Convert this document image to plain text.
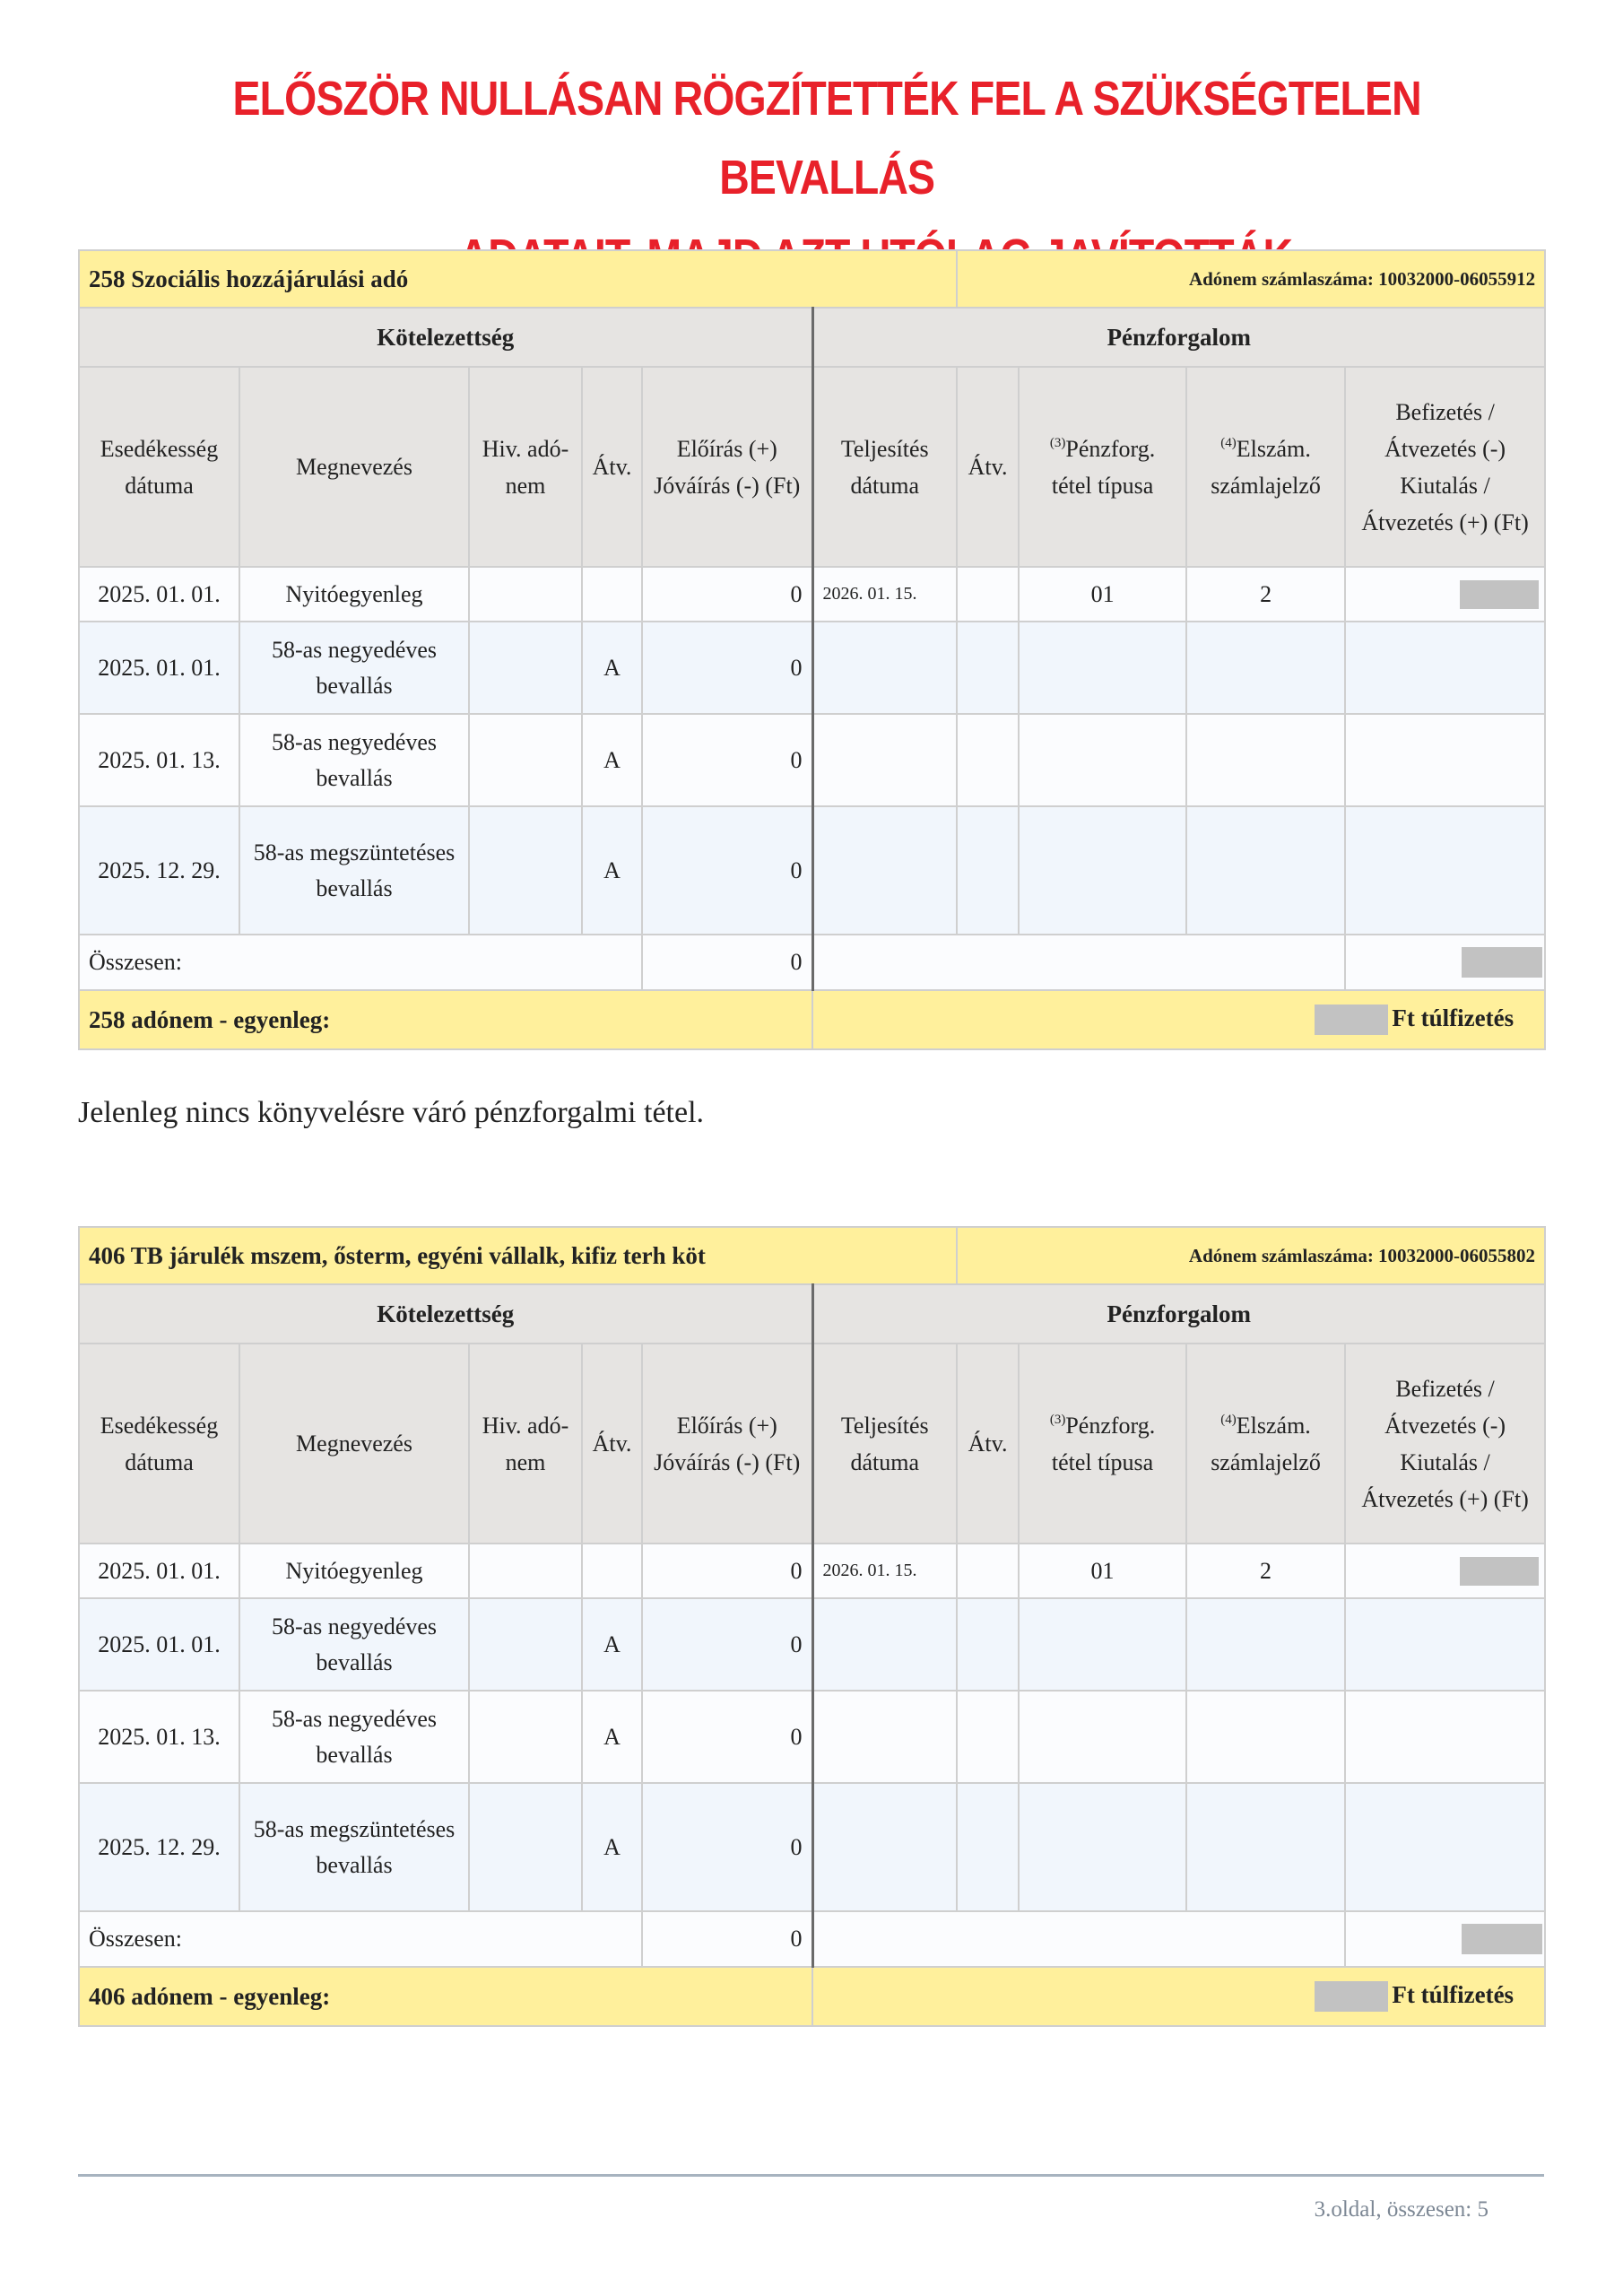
ELŐSZÖR NULLÁSAN RÖGZÍTETTÉK FEL A SZÜKSÉGTELEN BEVALLÁS
258 Szociális hozzájárulási adó						Adónem számlaszáma: 10032000-06055912			
Kötelezettség					Pénzforgalom				
Esedékesség dátuma	Megnevezés	Hiv. adó- nem	Átv.	Előírás (+) Jóváírás (-) (Ft)	Teljesítés dátuma	Átv.	$^{(3)}$Pénzforg. tétel típusa	$^{(4)}$Elszám. számlajelző	Befizetés /Átvezetés (-) Kiutalás /Átvezetés (+) (Ft)
2025. 01. 01.	Nyitóegyenleg			0	2026. 01. 15.		01	2	
2025. 01. 01.	58-as negyedéves bevallás		A	0					
2025. 01. 13.	58-as negyedéves bevallás		A	0					
2025. 12. 29.	58-as megszüntetéses bevallás		A	0					
Összesen:				0					
258 adónem - egyenleg:					Ft túlfizetés				
Jelenleg nincs könyvelésre váró pénzforgalmi tétel.
406 TB járulék mszem, ősterm, egyéni vállalk, kifiz terh köt						Adónem számlaszáma: 10032000-06055802			
Kötelezettség					Pénzforgalom				
Esedékesség dátuma	Megnevezés	Hiv. adó- nem	Átv.	Előírás (+) Jóváírás (-) (Ft)	Teljesítés dátuma	Átv.	$^{(3)}$Pénzforg. tétel típusa	$^{(4)}$Elszám. számlajelző	Befizetés /Átvezetés (-) Kiutalás /Átvezetés (+) (Ft)
2025. 01. 01.	Nyitóegyenleg			0	2026. 01. 15.		01	2	
2025. 01. 01.	58-as negyedéves bevallás		A	0					
2025. 01. 13.	58-as negyedéves bevallás		A	0					
2025. 12. 29.	58-as megszüntetéses bevallás		A	0					
Összesen:				0					
406 adónem - egyenleg:					Ft túlfizetés				
3.oldal, összesen: 5
